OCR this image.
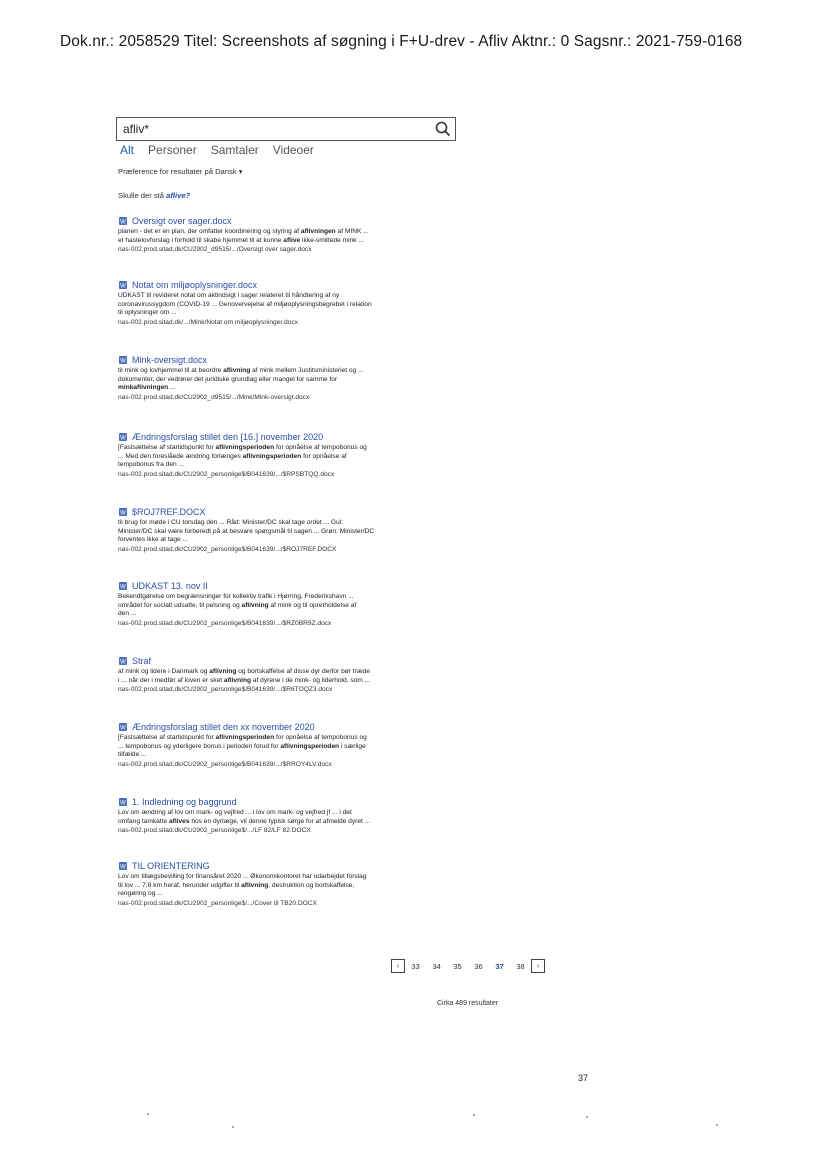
Dok.nr.: 2058529 Titel: Screenshots af søgning i F+U-drev - Afliv Aktnr.: 0 Sagsnr.: 2021-759-0168
afliv*
Alt Personer Samtaler Videoer
Præference for resultater på Dansk ▾
Skulle der stå aflive?
W Oversigt over sager.docx
planen - det er en plan, der omfatter koordinering og styring af aflivningen af MINK ...
et hastelovforslag i forhold til skabe hjemmel til at kunne aflive ikke-smittede mink ...
nas-002.prod.sitad.dk/CU2902_d9515/.../Oversigt over sager.docx
W Notat om miljøoplysninger.docx
UDKAST til revideret notat om aktindsigt i sager relateret til håndtering af ny
coronavirussygdom (COVID-19 ... Genovervejelse af miljøoplysningsbegrebet i relation
til oplysninger om ...
nas-002.prod.sitad.dk/.../Mink/Notat om miljøoplysninger.docx
W Mink-oversigt.docx
til mink og lovhjemmel til at beordre aflivning af mink mellem Justitsministeriet og ...
dokumenter, der vedrører det juridiske grundlag eller mangel for samme for
minkaflivningen ...
nas-002.prod.sitad.dk/CU2902_d9515/.../Mink/Mink-oversigt.docx
W Ændringsforslag stillet den [16.] november 2020
[Fastsættelse af startidspunkt for aflivningsperioden for opnåelse af tempobonus og
... Med den foreslåede ændring forlænges aflivningsperioden for opnåelse af
tempobonus fra den ...
nas-002.prod.sitad.dk/CU2902_personlige$/B041639/.../$RPSBTQQ.docx
W $ROJ7REF.DOCX
til brug for møde i CU torsdag den ... Råd: Minister/DC skal tage ordet ... Gul:
Minister/DC skal være forberedt på at besvare spørgsmål til sagen ... Grøn: Minister/DC
forventes ikke at tage ...
nas-002.prod.sitad.dk/CU2902_personlige$/B041639/.../$ROJ7REF.DOCX
W UDKAST 13. nov II
Bekendtgørelse om begrænsninger for kollektiv trafik i Hjørring, Frederikshavn ...
området for socialt udsatte, til pelsning og aflivning af mink og til opretholdelse af
den ...
nas-002.prod.sitad.dk/CU2902_personlige$/B041639/.../$RZ0BR9Z.docx
W Straf
af mink og lidere i Danmark og aflivning og bortskaffelse af disse dyr derfor bør træde
i ... når der i medfør af loven er sket aflivning af dyrene i de mink- og liderhold, som ...
nas-002.prod.sitad.dk/CU2902_personlige$/B041639/.../$R6TOQZ3.docx
W Ændringsforslag stillet den xx november 2020
[Fastsættelse af startidspunkt for aflivningsperioden for opnåelse af tempobonus og
... tempobonus og yderligere bonus i perioden forud for aflivningsperioden i særlige
tilfælde ...
nas-002.prod.sitad.dk/CU2902_personlige$/B041639/.../$RROY4LV.docx
W 1. Indledning og baggrund
Lov om ændring af lov om mark- og vejfred ... i lov om mark- og vejfred jf ... i det
omfang tamkatte aflives hos en dyrlæge, vil denne typisk sørge for at afmelde dyret ...
nas-002.prod.sitad.dk/CU2902_personlige$/.../LF 82/LF 82.DOCX
W TIL ORIENTERING
Lov om tillægsbevilling for finansåret 2020 ... Økonomikontoret har udarbejdet forslag
til lov ... 7,8 km heraf, herunder udgifter til aflivning, destruktion og bortskaffelse,
rengøring og ...
nas-002.prod.sitad.dk/CU2902_personlige$/.../Cover til TB20.DOCX
‹	33	34	35	36	37	38	›
Cirka 489 resultater
37
